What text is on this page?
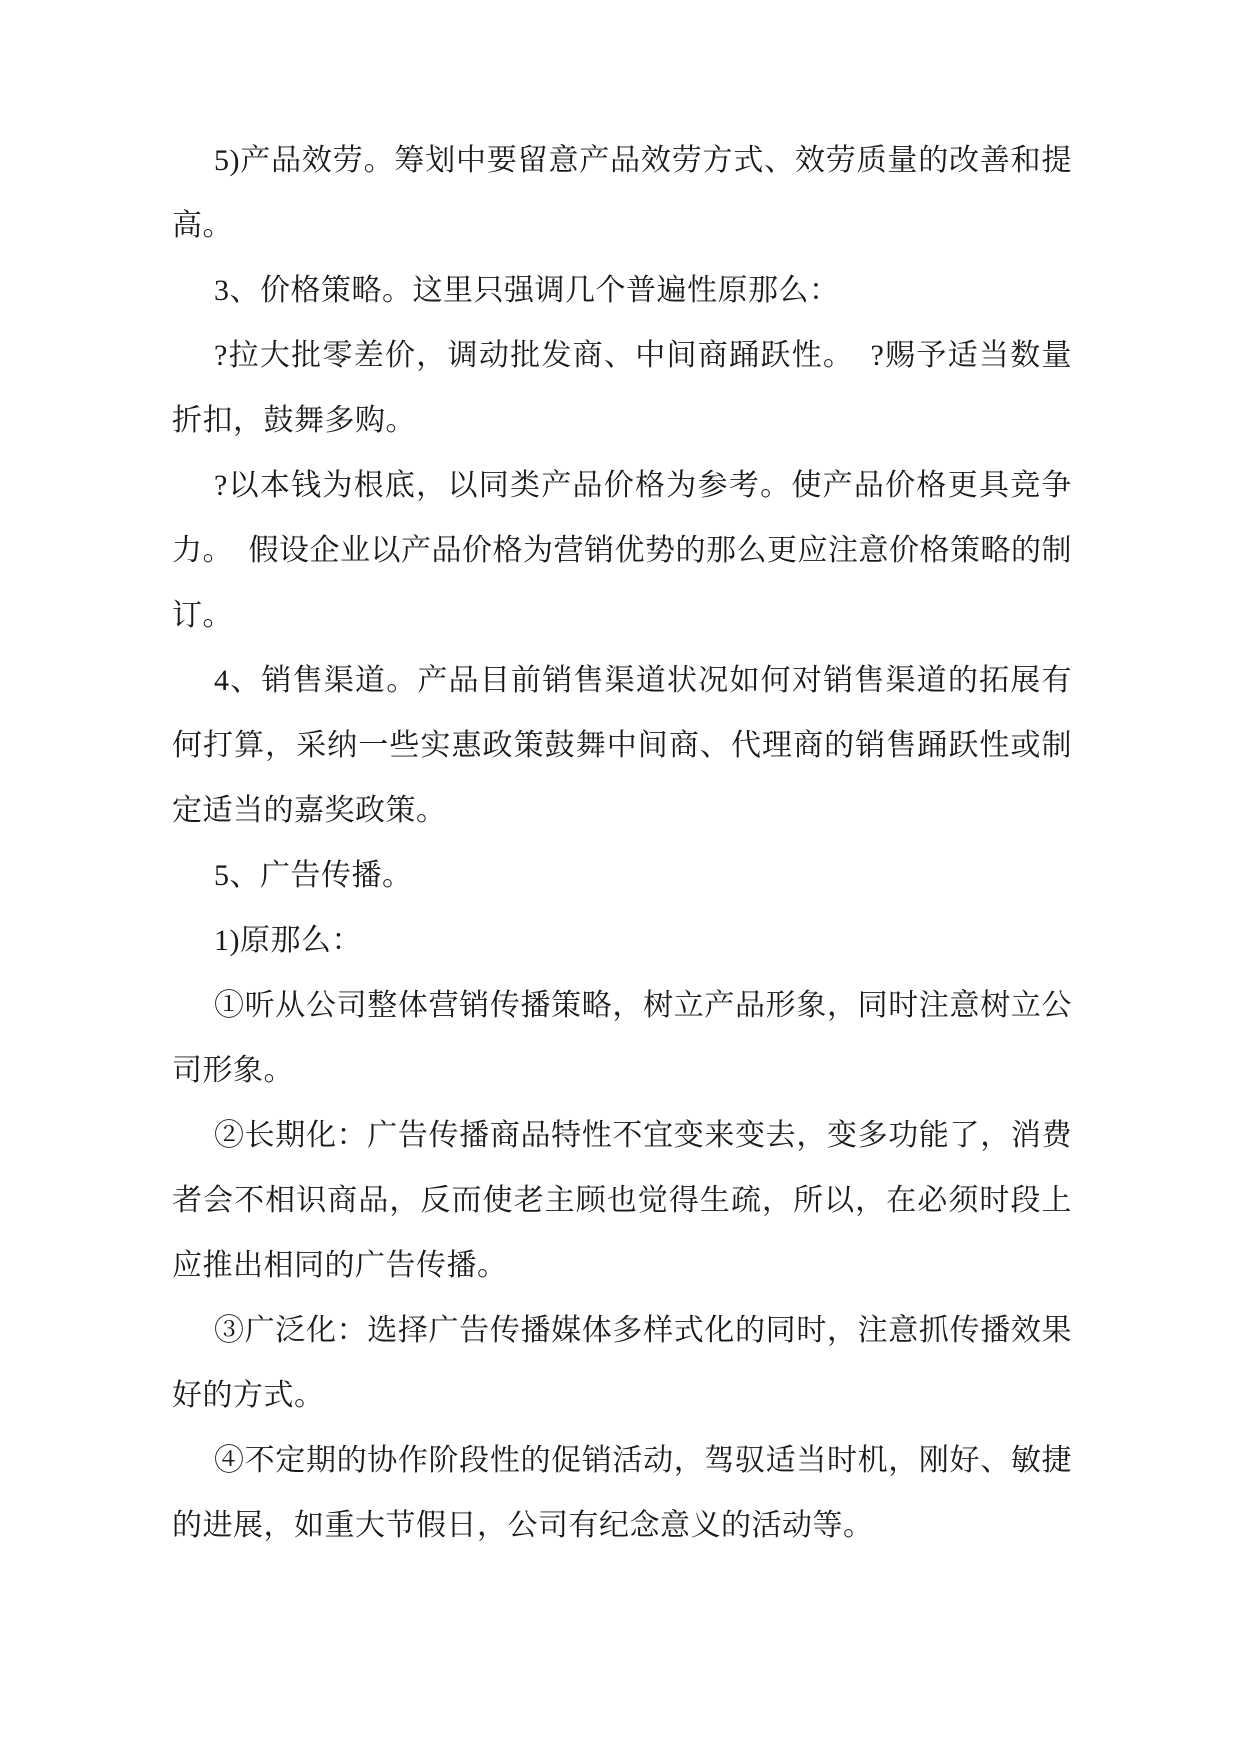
5)产品效劳。筹划中要留意产品效劳方式、效劳质量的改善和提高。

3、价格策略。这里只强调几个普遍性原那么：

?拉大批零差价，调动批发商、中间商踊跃性。　?赐予适当数量折扣，鼓舞多购。

?以本钱为根底，以同类产品价格为参考。使产品价格更具竞争力。　假设企业以产品价格为营销优势的那么更应注意价格策略的制订。

4、销售渠道。产品目前销售渠道状况如何对销售渠道的拓展有何打算，采纳一些实惠政策鼓舞中间商、代理商的销售踊跃性或制定适当的嘉奖政策。

5、广告传播。

1)原那么：

①听从公司整体营销传播策略，树立产品形象，同时注意树立公司形象。

②长期化：广告传播商品特性不宜变来变去，变多功能了，消费者会不相识商品，反而使老主顾也觉得生疏，所以，在必须时段上应推出相同的广告传播。

③广泛化：选择广告传播媒体多样式化的同时，注意抓传播效果好的方式。

④不定期的协作阶段性的促销活动，驾驭适当时机，刚好、敏捷的进展，如重大节假日，公司有纪念意义的活动等。
